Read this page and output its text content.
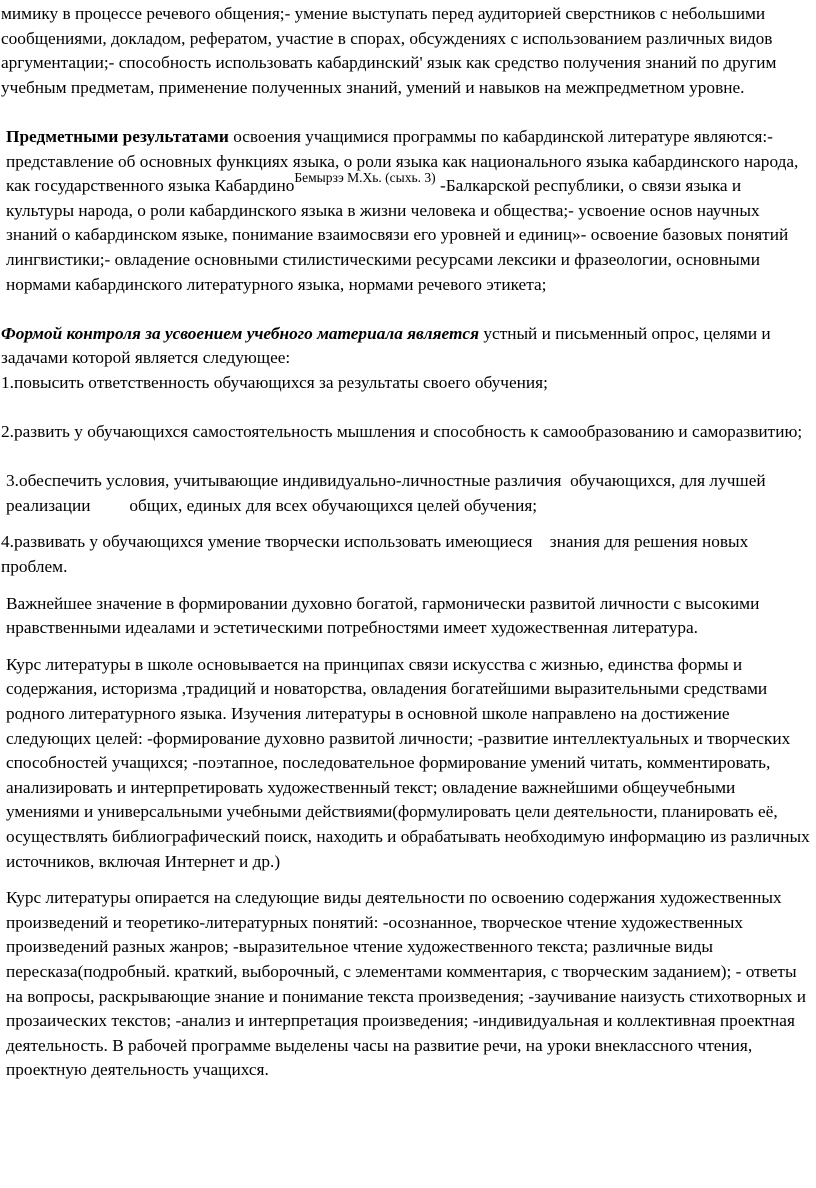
мимику в процессе речевого общения;- умение выступать перед аудиторией сверстников с небольшими сообщениями, докладом, рефератом, участие в спорах, обсуждениях с использованием различных видов аргументации;- способность использовать кабардинский' язык как средство получения знаний по другим учебным предметам, применение полученных знаний, умений и навыков на межпредметном уровне.

Предметными результатами освоения учащимися программы по кабардинской литературе являются:- представление об основных функциях языка, о роли языка как национального языка кабардинского народа, как государственного языка Кабардино$^{Бемырзэ М.Хь. (сыхь. 3)}$ -Балкарской республики, о связи языка и культуры народа, о роли кабардинского языка в жизни человека и общества;- усвоение основ научных знаний о кабардинском языке, понимание взаимосвязи его уровней и единиц»- освоение базовых понятий лингвистики;- овладение основными стилистическими ресурсами лексики и фразеологии, основными нормами кабардинского литературного языка, нормами речевого этикета;

Формой контроля за усвоением учебного материала является устный и письменный опрос, целями и задачами которой является следующее:

1.повысить ответственность обучающихся за результаты своего обучения;

2.развить у обучающихся самостоятельность мышления и способность к самообразованию и саморазвитию;

3.обеспечить условия, учитывающие индивидуально-личностные различия  обучающихся, для лучшей реализации         общих, единых для всех обучающихся целей обучения;

4.развивать у обучающихся умение творчески использовать имеющиеся    знания для решения новых проблем.

Важнейшее значение в формировании духовно богатой, гармонически развитой личности с высокими нравственными идеалами и эстетическими потребностями имеет художественная литература.

Курс литературы в школе основывается на принципах связи искусства с жизнью, единства формы и содержания, историзма ,традиций и новаторства, овладения богатейшими выразительными средствами родного литературного языка. Изучения литературы в основной школе направлено на достижение следующих целей: -формирование духовно развитой личности; -развитие интеллектуальных и творческих способностей учащихся; -поэтапное, последовательное формирование умений читать, комментировать, анализировать и интерпретировать художественный текст; овладение важнейшими общеучебными умениями и универсальными учебными действиями(формулировать цели деятельности, планировать её, осуществлять библиографический поиск, находить и обрабатывать необходимую информацию из различных источников, включая Интернет и др.)

Курс литературы опирается на следующие виды деятельности по освоению содержания художественных произведений и теоретико-литературных понятий: -осознанное, творческое чтение художественных произведений разных жанров; -выразительное чтение художественного текста; различные виды пересказа(подробный. краткий, выборочный, с элементами комментария, с творческим заданием); - ответы на вопросы, раскрывающие знание и понимание текста произведения; -заучивание наизусть стихотворных и прозаических текстов; -анализ и интерпретация произведения; -индивидуальная и коллективная проектная деятельность. В рабочей программе выделены часы на развитие речи, на уроки внеклассного чтения, проектную деятельность учащихся.
